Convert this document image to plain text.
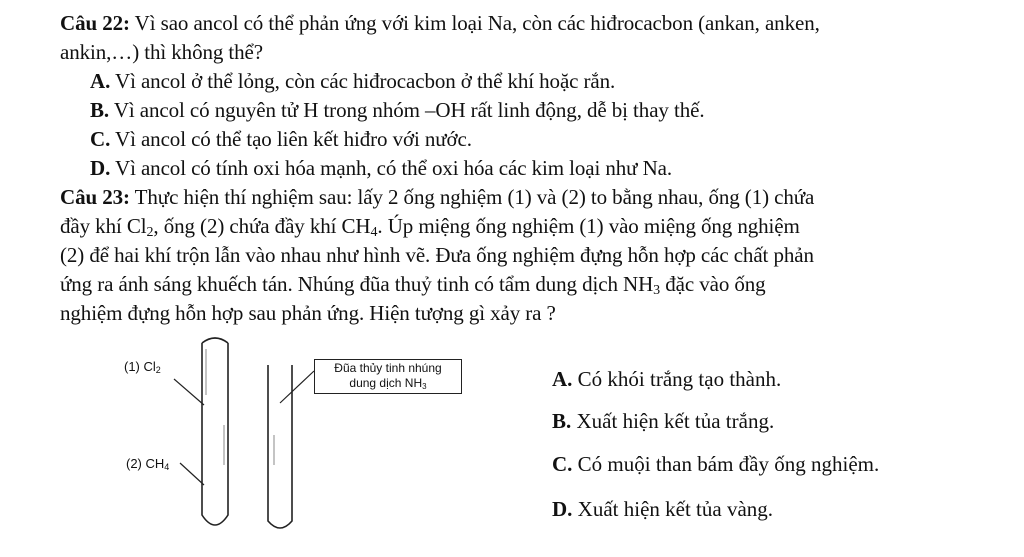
Câu 22: Vì sao ancol có thể phản ứng với kim loại Na, còn các hiđrocacbon (ankan, anken,
ankin,…) thì không thể?
A. Vì ancol ở thể lỏng, còn các hiđrocacbon ở thể khí hoặc rắn.
B. Vì ancol có nguyên tử H trong nhóm –OH rất linh động, dễ bị thay thế.
C. Vì ancol có thể tạo liên kết hiđro với nước.
D. Vì ancol có tính oxi hóa mạnh, có thể oxi hóa các kim loại như Na.
Câu 23: Thực hiện thí nghiệm sau: lấy 2 ống nghiệm (1) và (2) to bằng nhau, ống (1) chứa
đầy khí $Cl_2$, ống (2) chứa đầy khí $CH_4$. Úp miệng ống nghiệm (1) vào miệng ống nghiệm
(2) để hai khí trộn lẫn vào nhau như hình vẽ. Đưa ống nghiệm đựng hỗn hợp các chất phản
ứng ra ánh sáng khuếch tán. Nhúng đũa thuỷ tinh có tẩm dung dịch $NH_3$ đặc vào ống
nghiệm đựng hỗn hợp sau phản ứng. Hiện tượng gì xảy ra ?
(1) $Cl_2$
(2) $CH_4$
Đũa thủy tinh nhúng
dung dịch $NH_3$	A. Có khói trắng tạo thành.
B. Xuất hiện kết tủa trắng.
C. Có muội than bám đầy ống nghiệm.
D. Xuất hiện kết tủa vàng.
